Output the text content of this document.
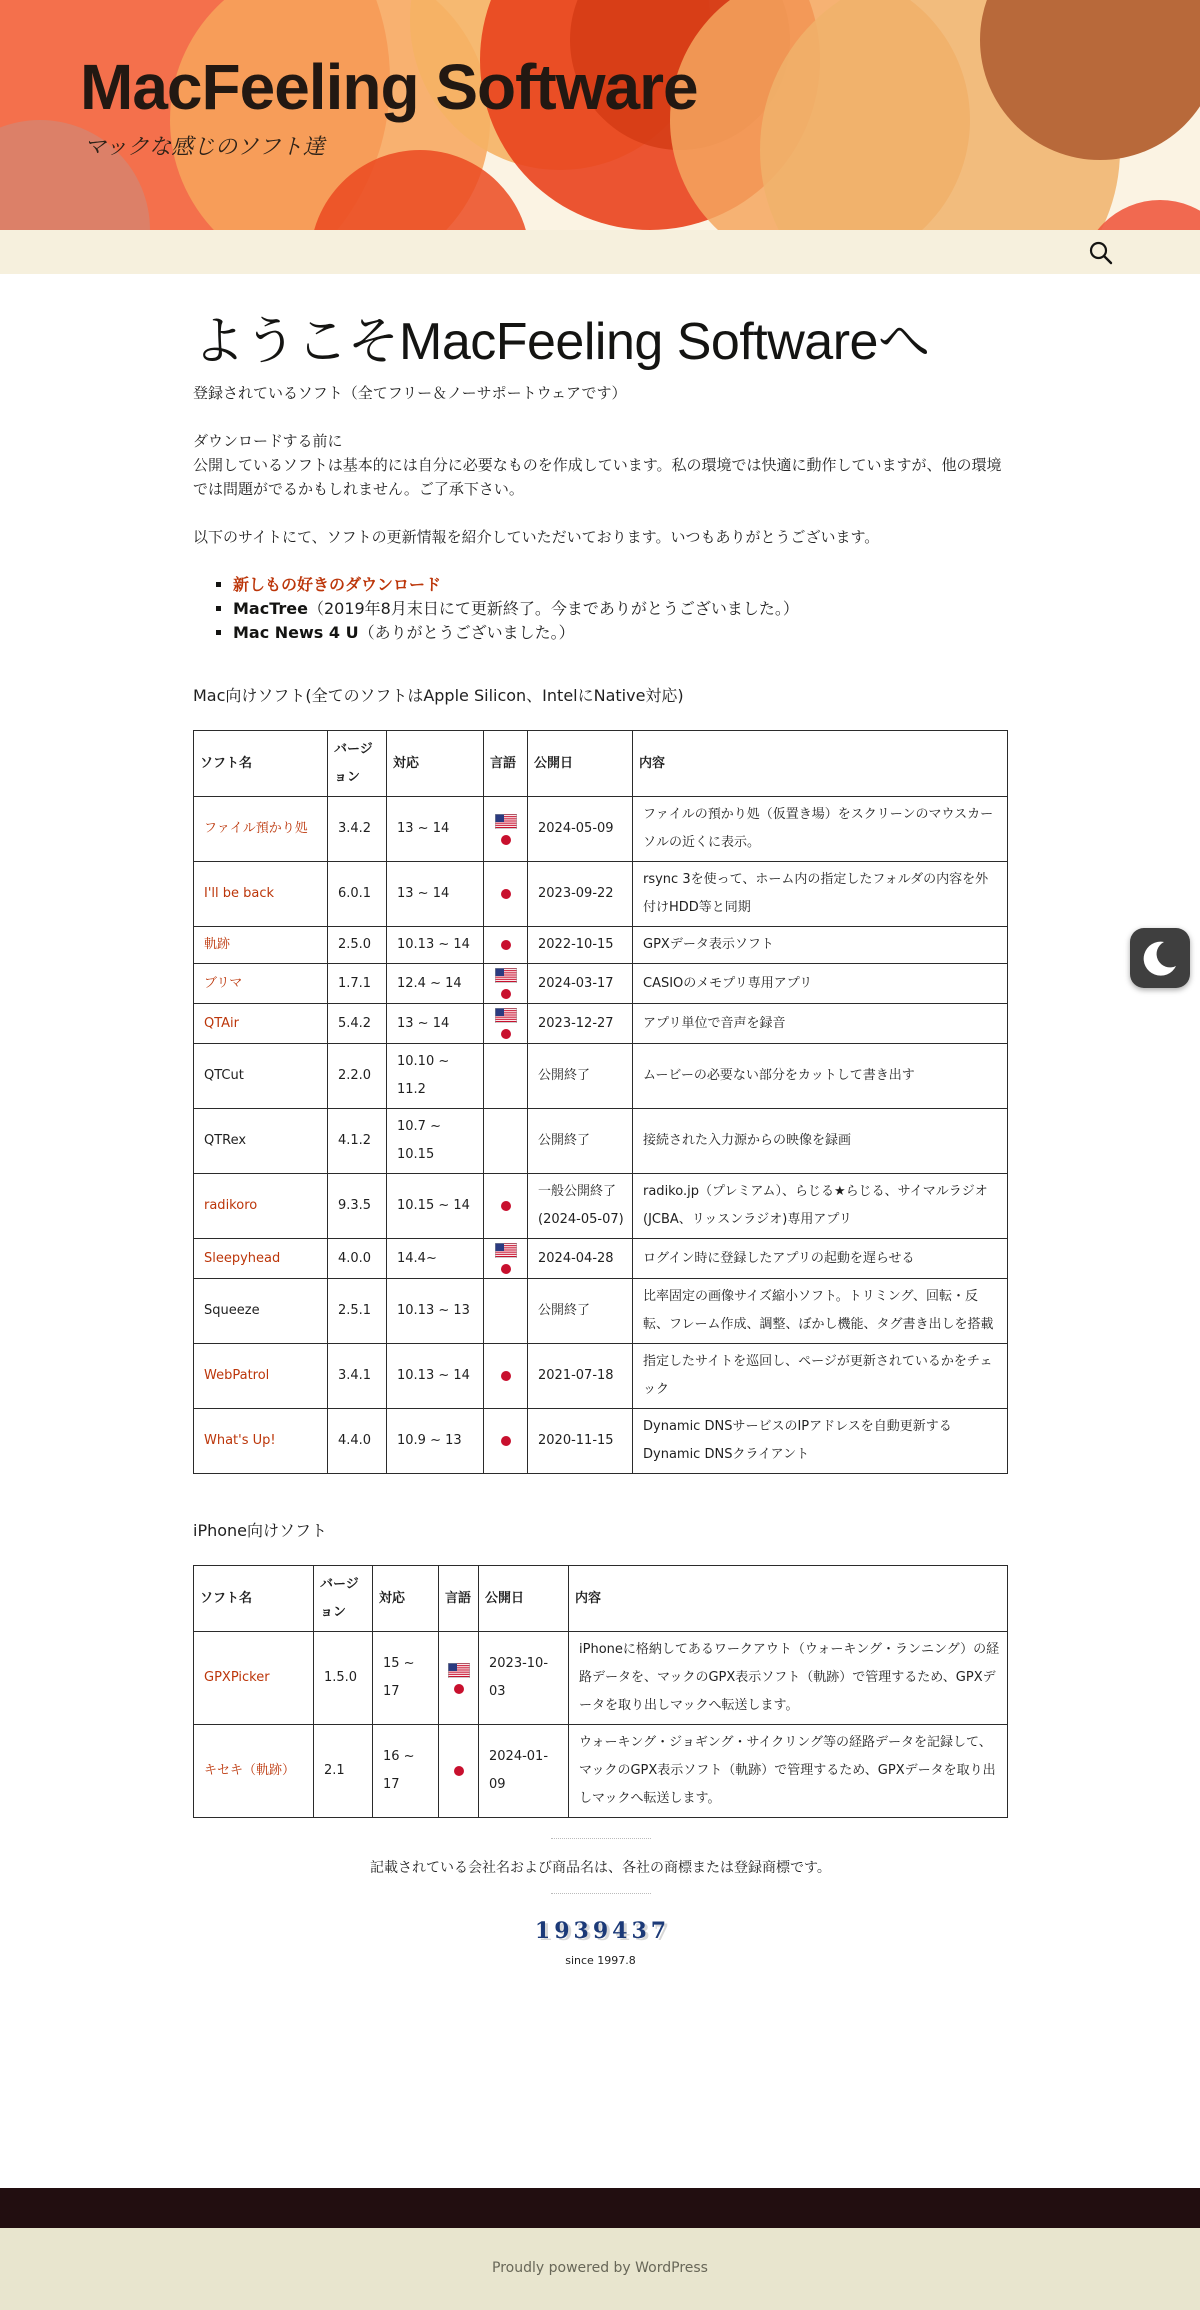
MacFeeling Software
マックな感じのソフト達
ようこそMacFeeling Softwareへ

登録されているソフト（全てフリー＆ノーサポートウェアです）

ダウンロードする前に

公開しているソフトは基本的には自分に必要なものを作成しています。私の環境では快適に動作していますが、他の環境では問題がでるかもしれません。ご了承下さい。

以下のサイトにて、ソフトの更新情報を紹介していただいております。いつもありがとうございます。

▪ 新しもの好きのダウンロード
▪ MacTree（2019年8月末日にて更新終了。今までありがとうございました。）
▪ Mac News 4 U（ありがとうございました。）

Mac向けソフト(全てのソフトはApple Silicon、IntelにNative対応)

ソフト名	バージョン	対応	言語	公開日	内容
ファイル預かり処	3.4.2	13 ~ 14		2024-05-09	ファイルの預かり処（仮置き場）をスクリーンのマウスカーソルの近くに表示。
I'll be back	6.0.1	13 ~ 14		2023-09-22	rsync 3を使って、ホーム内の指定したフォルダの内容を外付けHDD等と同期
軌跡	2.5.0	10.13 ~ 14		2022-10-15	GPXデータ表示ソフト
ブリマ	1.7.1	12.4 ~ 14		2024-03-17	CASIOのメモプリ専用アプリ
QTAir	5.4.2	13 ~ 14		2023-12-27	アプリ単位で音声を録音
QTCut	2.2.0	10.10 ~ 11.2		公開終了	ムービーの必要ない部分をカットして書き出す
QTRex	4.1.2	10.7 ~ 10.15		公開終了	接続された入力源からの映像を録画
radikoro	9.3.5	10.15 ~ 14		一般公開終了(2024-05-07)	radiko.jp（プレミアム）、らじる★らじる、サイマルラジオ(JCBA、リッスンラジオ)専用アプリ
Sleepyhead	4.0.0	14.4~		2024-04-28	ログイン時に登録したアプリの起動を遅らせる
Squeeze	2.5.1	10.13 ~ 13		公開終了	比率固定の画像サイズ縮小ソフト。トリミング、回転・反転、フレーム作成、調整、ぼかし機能、タグ書き出しを搭載
WebPatrol	3.4.1	10.13 ~ 14		2021-07-18	指定したサイトを巡回し、ページが更新されているかをチェック
What's Up!	4.4.0	10.9 ~ 13		2020-11-15	Dynamic DNSサービスのIPアドレスを自動更新するDynamic DNSクライアント

iPhone向けソフト

ソフト名	バージョン	対応	言語	公開日	内容
GPXPicker	1.5.0	15 ~ 17		2023-10-03	iPhoneに格納してあるワークアウト（ウォーキング・ランニング）の経路データを、マックのGPX表示ソフト（軌跡）で管理するため、GPXデータを取り出しマックへ転送します。
キセキ（軌跡）	2.1	16 ~ 17		2024-01-09	ウォーキング・ジョギング・サイクリング等の経路データを記録して、マックのGPX表示ソフト（軌跡）で管理するため、GPXデータを取り出しマックへ転送します。

記載されている会社名および商品名は、各社の商標または登録商標です。

1 9 3 9 4 3 7

since 1997.8

Proudly powered by WordPress
